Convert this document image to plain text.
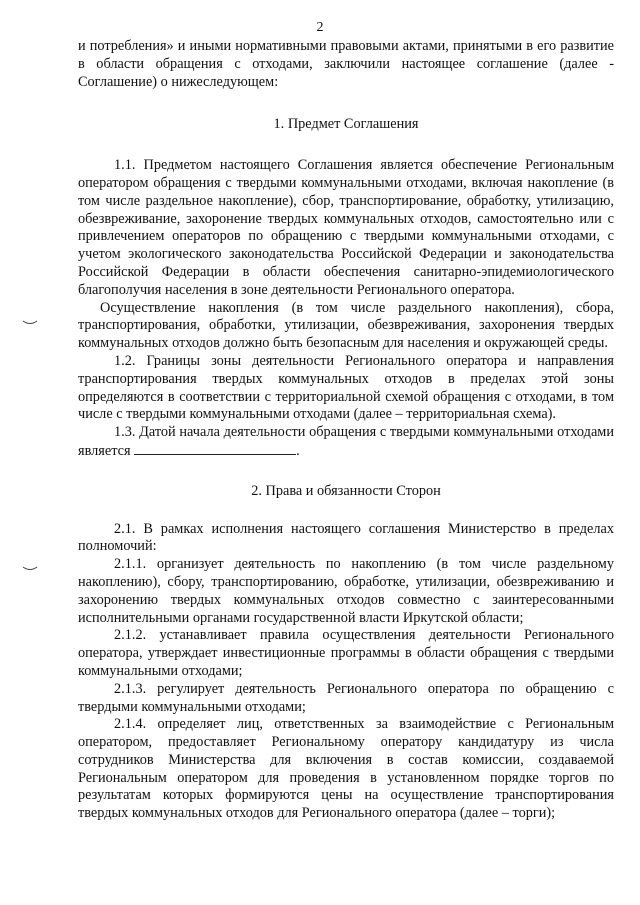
2

и потребления» и иными нормативными правовыми актами, принятыми в его развитие в области обращения с отходами, заключили настоящее соглашение (далее - Соглашение) о нижеследующем:

1. Предмет Соглашения

1.1. Предметом настоящего Соглашения является обеспечение Региональным оператором обращения с твердыми коммунальными отходами, включая накопление (в том числе раздельное накопление), сбор, транспортирование, обработку, утилизацию, обезвреживание, захоронение твердых коммунальных отходов, самостоятельно или с привлечением операторов по обращению с твердыми коммунальными отходами, с учетом экологического законодательства Российской Федерации и законодательства Российской Федерации в области обеспечения санитарно-эпидемиологического благополучия населения в зоне деятельности Регионального оператора.

Осуществление накопления (в том числе раздельного накопления), сбора, транспортирования, обработки, утилизации, обезвреживания, захоронения твердых коммунальных отходов должно быть безопасным для населения и окружающей среды.

1.2. Границы зоны деятельности Регионального оператора и направления транспортирования твердых коммунальных отходов в пределах этой зоны определяются в соответствии с территориальной схемой обращения с отходами, в том числе с твердыми коммунальными отходами (далее – территориальная схема).

1.3. Датой начала деятельности обращения с твердыми коммунальными отходами является	.

2. Права и обязанности Сторон

2.1. В рамках исполнения настоящего соглашения Министерство в пределах полномочий:

2.1.1. организует деятельность по накоплению (в том числе раздельному накоплению), сбору, транспортированию, обработке, утилизации, обезвреживанию и захоронению твердых коммунальных отходов совместно с заинтересованными исполнительными органами государственной власти Иркутской области;

2.1.2. устанавливает правила осуществления деятельности Регионального оператора, утверждает инвестиционные программы в области обращения с твердыми коммунальными отходами;

2.1.3. регулирует деятельность Регионального оператора по обращению с твердыми коммунальными отходами;

2.1.4. определяет лиц, ответственных за взаимодействие с Региональным оператором, предоставляет Региональному оператору кандидатуру из числа сотрудников Министерства для включения в состав комиссии, создаваемой Региональным оператором для проведения в установленном порядке торгов по результатам которых формируются цены на осуществление транспортирования твердых коммунальных отходов для Регионального оператора (далее – торги);
